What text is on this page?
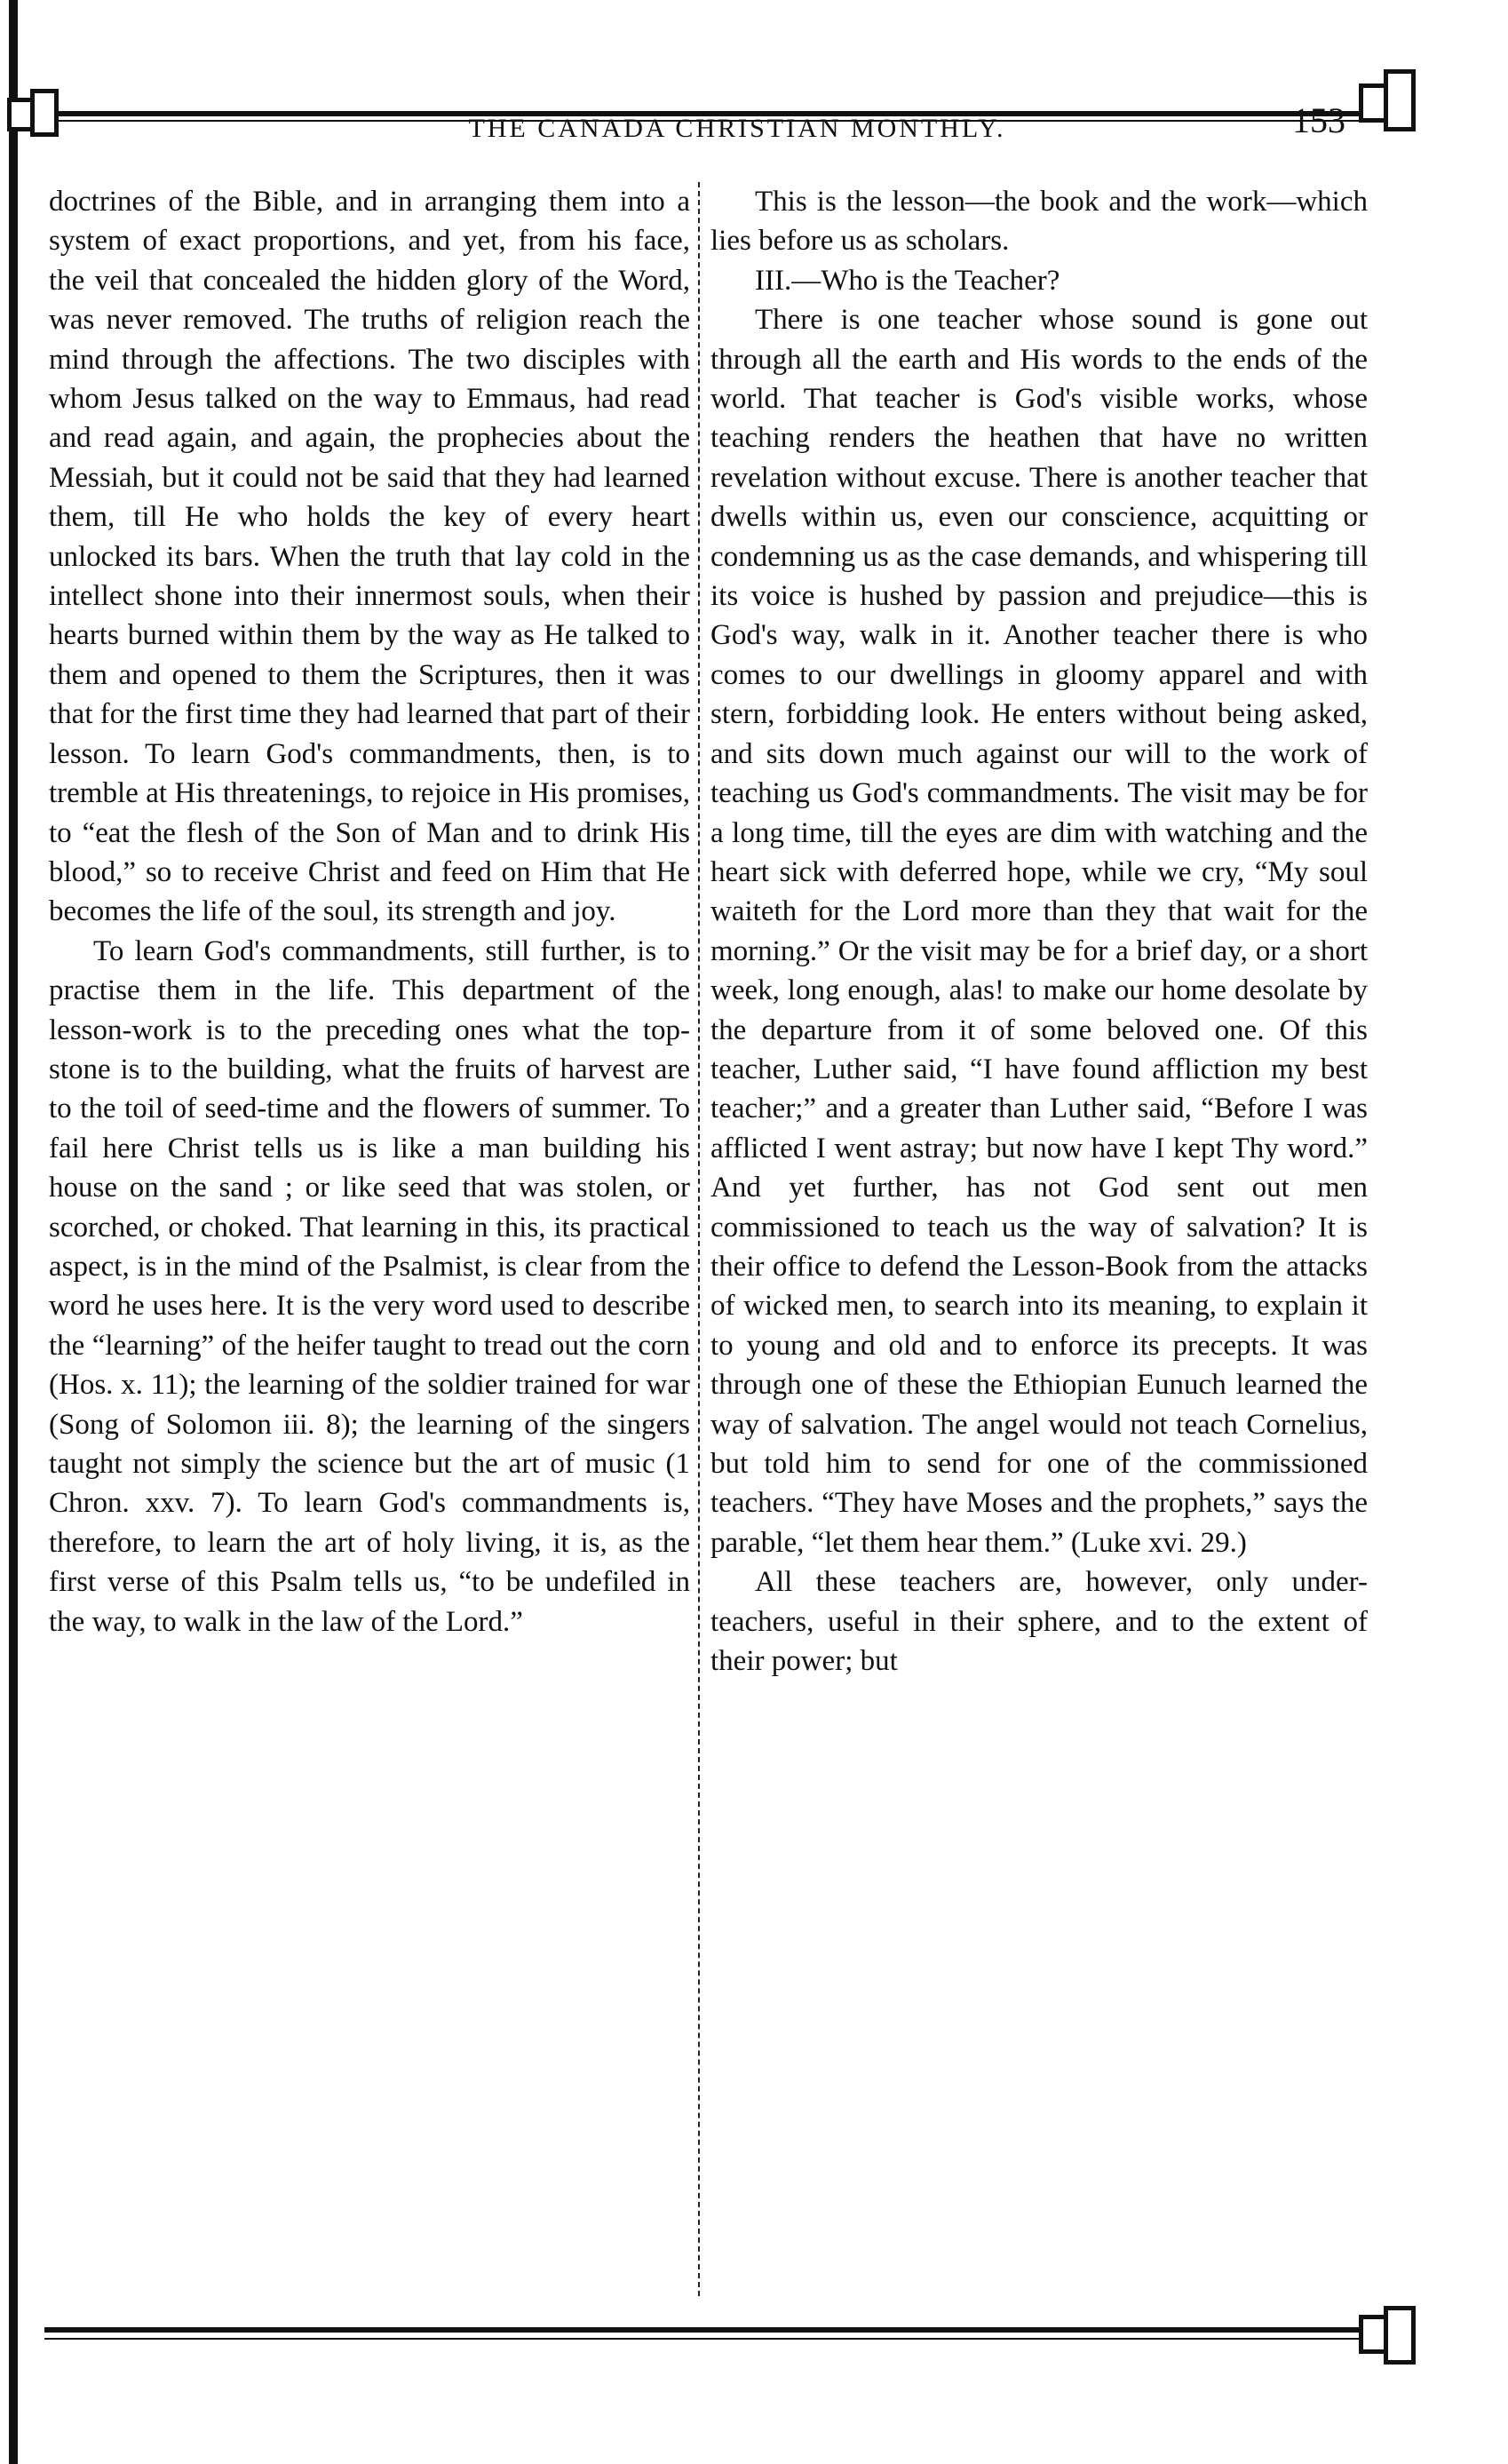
THE CANADA CHRISTIAN MONTHLY.	153

doctrines of the Bible, and in arranging them into a system of exact proportions, and yet, from his face, the veil that concealed the hidden glory of the Word, was never removed. The truths of religion reach the mind through the affections. The two disciples with whom Jesus talked on the way to Emmaus, had read and read again, and again, the prophecies about the Messiah, but it could not be said that they had learned them, till He who holds the key of every heart unlocked its bars. When the truth that lay cold in the intellect shone into their innermost souls, when their hearts burned within them by the way as He talked to them and opened to them the Scriptures, then it was that for the first time they had learned that part of their lesson. To learn God's commandments, then, is to tremble at His threatenings, to rejoice in His promises, to “eat the flesh of the Son of Man and to drink His blood,” so to receive Christ and feed on Him that He becomes the life of the soul, its strength and joy.

To learn God's commandments, still further, is to practise them in the life. This department of the lesson-work is to the preceding ones what the top-stone is to the building, what the fruits of harvest are to the toil of seed-time and the flowers of summer. To fail here Christ tells us is like a man building his house on the sand ; or like seed that was stolen, or scorched, or choked. That learning in this, its practical aspect, is in the mind of the Psalmist, is clear from the word he uses here. It is the very word used to describe the “learning” of the heifer taught to tread out the corn (Hos. x. 11); the learning of the soldier trained for war (Song of Solomon iii. 8); the learning of the singers taught not simply the science but the art of music (1 Chron. xxv. 7). To learn God's commandments is, therefore, to learn the art of holy living, it is, as the first verse of this Psalm tells us, “to be undefiled in the way, to walk in the law of the Lord.”

This is the lesson—the book and the work—which lies before us as scholars.

III.—Who is the Teacher?

There is one teacher whose sound is gone out through all the earth and His words to the ends of the world. That teacher is God's visible works, whose teaching renders the heathen that have no written revelation without excuse. There is another teacher that dwells within us, even our conscience, acquitting or condemning us as the case demands, and whispering till its voice is hushed by passion and prejudice—this is God's way, walk in it. Another teacher there is who comes to our dwellings in gloomy apparel and with stern, forbidding look. He enters without being asked, and sits down much against our will to the work of teaching us God's commandments. The visit may be for a long time, till the eyes are dim with watching and the heart sick with deferred hope, while we cry, “My soul waiteth for the Lord more than they that wait for the morning.” Or the visit may be for a brief day, or a short week, long enough, alas! to make our home desolate by the departure from it of some beloved one. Of this teacher, Luther said, “I have found affliction my best teacher;” and a greater than Luther said, “Before I was afflicted I went astray; but now have I kept Thy word.” And yet further, has not God sent out men commissioned to teach us the way of salvation? It is their office to defend the Lesson-Book from the attacks of wicked men, to search into its meaning, to explain it to young and old and to enforce its precepts. It was through one of these the Ethiopian Eunuch learned the way of salvation. The angel would not teach Cornelius, but told him to send for one of the commissioned teachers. “They have Moses and the prophets,” says the parable, “let them hear them.” (Luke xvi. 29.)

All these teachers are, however, only under-teachers, useful in their sphere, and to the extent of their power; but
